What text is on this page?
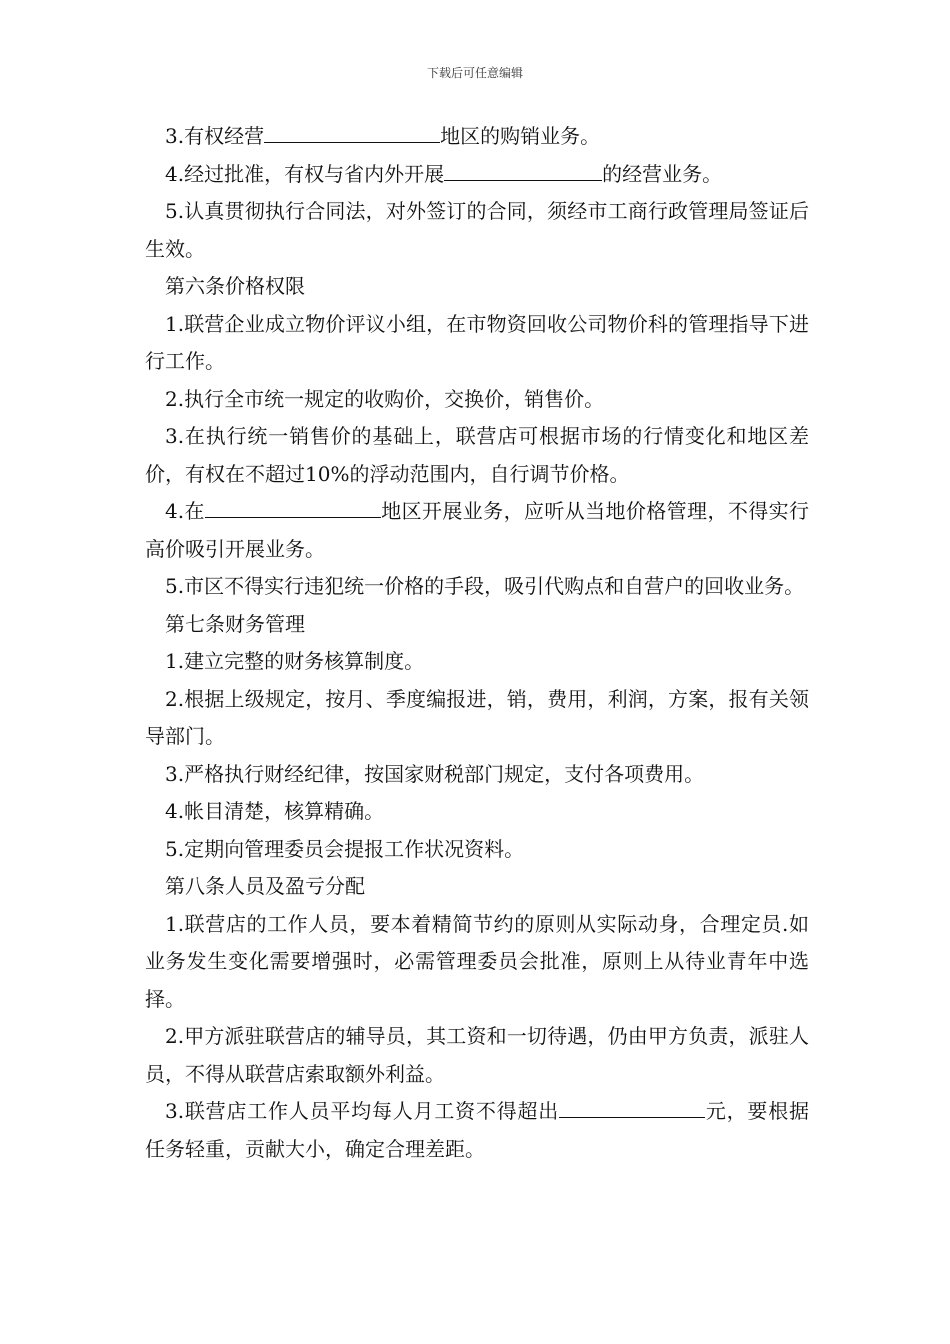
下载后可任意编辑

3.有权经营	地区的购销业务。

4.经过批准，有权与省内外开展	的经营业务。

5.认真贯彻执行合同法，对外签订的合同，须经市工商行政管理局签证后生效。

第六条价格权限

1.联营企业成立物价评议小组，在市物资回收公司物价科的管理指导下进行工作。

2.执行全市统一规定的收购价，交换价，销售价。

3.在执行统一销售价的基础上，联营店可根据市场的行情变化和地区差价，有权在不超过10%的浮动范围内，自行调节价格。

4.在	地区开展业务，应听从当地价格管理，不得实行高价吸引开展业务。

5.市区不得实行违犯统一价格的手段，吸引代购点和自营户的回收业务。

第七条财务管理

1.建立完整的财务核算制度。

2.根据上级规定，按月、季度编报进，销，费用，利润，方案，报有关领导部门。

3.严格执行财经纪律，按国家财税部门规定，支付各项费用。

4.帐目清楚，核算精确。

5.定期向管理委员会提报工作状况资料。

第八条人员及盈亏分配

1.联营店的工作人员，要本着精简节约的原则从实际动身，合理定员.如业务发生变化需要增强时，必需管理委员会批准，原则上从待业青年中选择。

2.甲方派驻联营店的辅导员，其工资和一切待遇，仍由甲方负责，派驻人员，不得从联营店索取额外利益。

3.联营店工作人员平均每人月工资不得超出	元，要根据任务轻重，贡献大小，确定合理差距。
